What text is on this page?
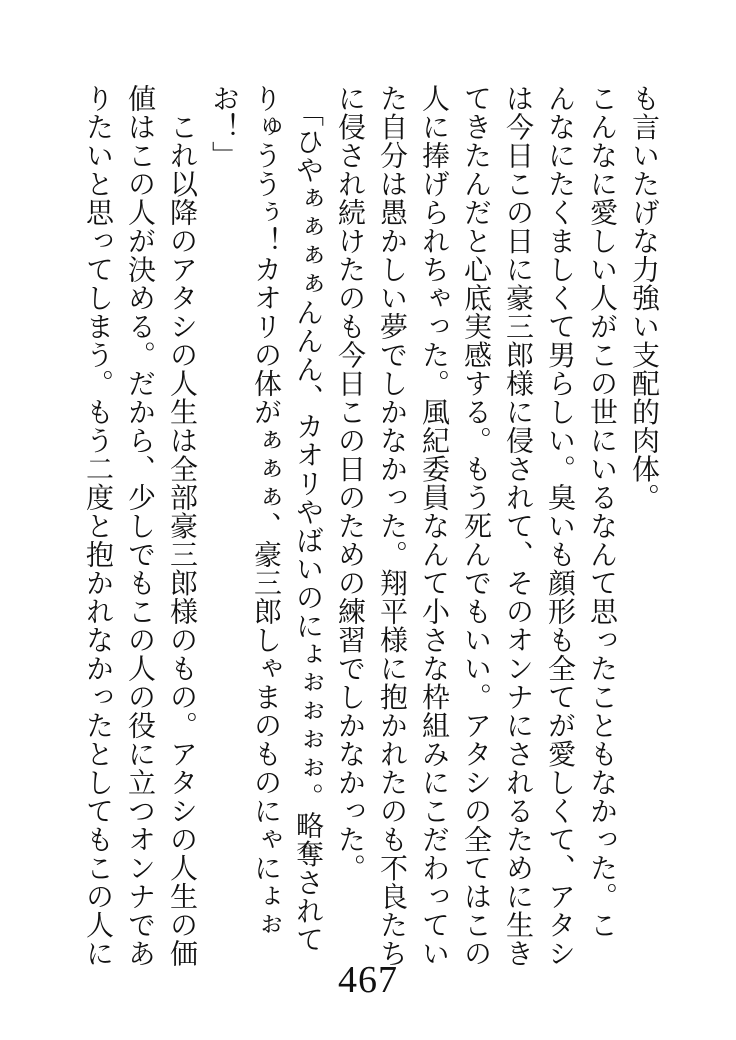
も言いたげな力強い支配的肉体。

こんなに愛しい人がこの世にいるなんて思ったこともなかった。こ

んなにたくましくて男らしい。臭いも顔形も全てが愛しくて、アタシ

は今日この日に豪三郎様に侵されて、そのオンナにされるために生き

てきたんだと心底実感する。もう死んでもいい。アタシの全てはこの

人に捧げられちゃった。風紀委員なんて小さな枠組みにこだわってい

た自分は愚かしい夢でしかなかった。翔平様に抱かれたのも不良たち

に侵され続けたのも今日この日のための練習でしかなかった。

　「ひやぁぁぁぁんんん、カオリやばいのにょぉぉぉぉ。略奪されて

りゅううぅ！カオリの体がぁぁぁ、豪三郎しゃまのものにゃにょぉ

お！」

　これ以降のアタシの人生は全部豪三郎様のもの。アタシの人生の価

値はこの人が決める。だから、少しでもこの人の役に立つオンナであ

りたいと思ってしまう。もう二度と抱かれなかったとしてもこの人に

467
